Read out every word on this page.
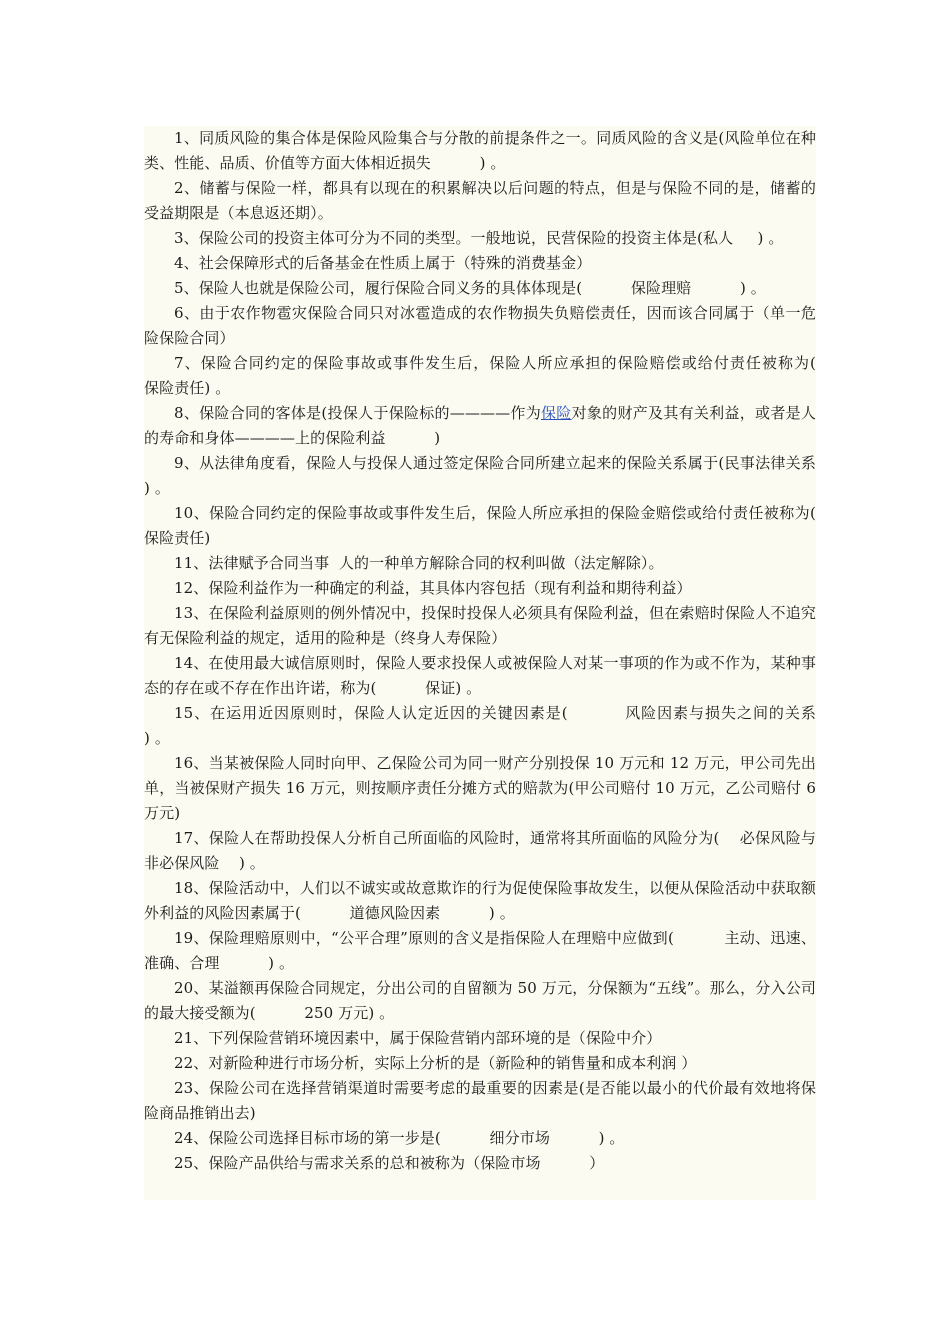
1、同质风险的集合体是保险风险集合与分散的前提条件之一。同质风险的含义是(风险单位在种类、性能、品质、价值等方面大体相近损失          ) 。

2、储蓄与保险一样，都具有以现在的积累解决以后问题的特点，但是与保险不同的是，储蓄的受益期限是（本息返还期）。

3、保险公司的投资主体可分为不同的类型。一般地说，民营保险的投资主体是(私人     ) 。

4、社会保障形式的后备基金在性质上属于（特殊的消费基金）

5、保险人也就是保险公司，履行保险合同义务的具体体现是(          保险理赔          ) 。

6、由于农作物雹灾保险合同只对冰雹造成的农作物损失负赔偿责任，因而该合同属于（单一危险保险合同）

7、保险合同约定的保险事故或事件发生后，保险人所应承担的保险赔偿或给付责任被称为(          保险责任) 。

8、保险合同的客体是(投保人于保险标的————作为保险对象的财产及其有关利益，或者是人的寿命和身体————上的保险利益          )

9、从法律角度看，保险人与投保人通过签定保险合同所建立起来的保险关系属于(民事法律关系          ) 。

10、保险合同约定的保险事故或事件发生后，保险人所应承担的保险金赔偿或给付责任被称为(          保险责任)

11、法律赋予合同当事  人的一种单方解除合同的权利叫做（法定解除）。

12、保险利益作为一种确定的利益，其具体内容包括（现有利益和期待利益）

13、在保险利益原则的例外情况中，投保时投保人必须具有保险利益，但在索赔时保险人不追究有无保险利益的规定，适用的险种是（终身人寿保险）

14、在使用最大诚信原则时，保险人要求投保人或被保险人对某一事项的作为或不作为，某种事态的存在或不存在作出许诺，称为(          保证) 。

15、在运用近因原则时，保险人认定近因的关键因素是(          风险因素与损失之间的关系          ) 。

16、当某被保险人同时向甲、乙保险公司为同一财产分别投保 10 万元和 12 万元，甲公司先出单，当被保财产损失 16 万元，则按顺序责任分摊方式的赔款为(甲公司赔付 10 万元，乙公司赔付 6 万元)

17、保险人在帮助投保人分析自己所面临的风险时，通常将其所面临的风险分为(    必保风险与非必保风险    ) 。

18、保险活动中，人们以不诚实或故意欺诈的行为促使保险事故发生，以便从保险活动中获取额外利益的风险因素属于(          道德风险因素          ) 。

19、保险理赔原则中，“公平合理”原则的含义是指保险人在理赔中应做到(          主动、迅速、准确、合理          ) 。

20、某溢额再保险合同规定，分出公司的自留额为 50 万元，分保额为“五线”。那么，分入公司的最大接受额为(          250 万元) 。

21、下列保险营销环境因素中，属于保险营销内部环境的是（保险中介）

22、对新险种进行市场分析，实际上分析的是（新险种的销售量和成本利润 ）

23、保险公司在选择营销渠道时需要考虑的最重要的因素是(是否能以最小的代价最有效地将保险商品推销出去)

24、保险公司选择目标市场的第一步是(          细分市场          ) 。

25、保险产品供给与需求关系的总和被称为（保险市场          ）
